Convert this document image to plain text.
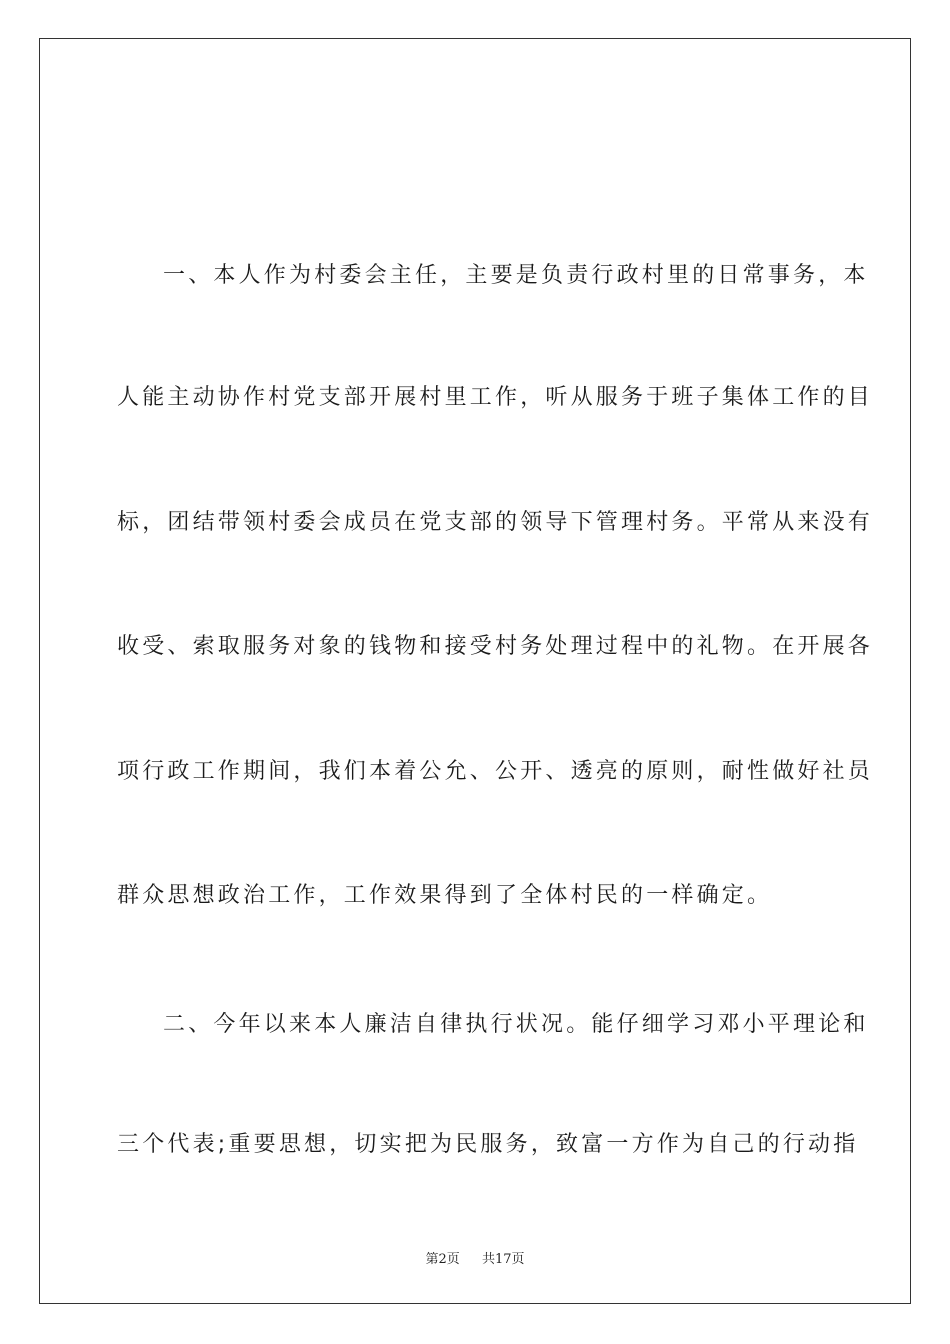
一、本人作为村委会主任，主要是负责行政村里的日常事务，本
人能主动协作村党支部开展村里工作，听从服务于班子集体工作的目
标，团结带领村委会成员在党支部的领导下管理村务。平常从来没有
收受、索取服务对象的钱物和接受村务处理过程中的礼物。在开展各
项行政工作期间，我们本着公允、公开、透亮的原则，耐性做好社员
群众思想政治工作，工作效果得到了全体村民的一样确定。
二、今年以来本人廉洁自律执行状况。能仔细学习邓小平理论和
三个代表;重要思想，切实把为民服务，致富一方作为自己的行动指
第2页 共17页
